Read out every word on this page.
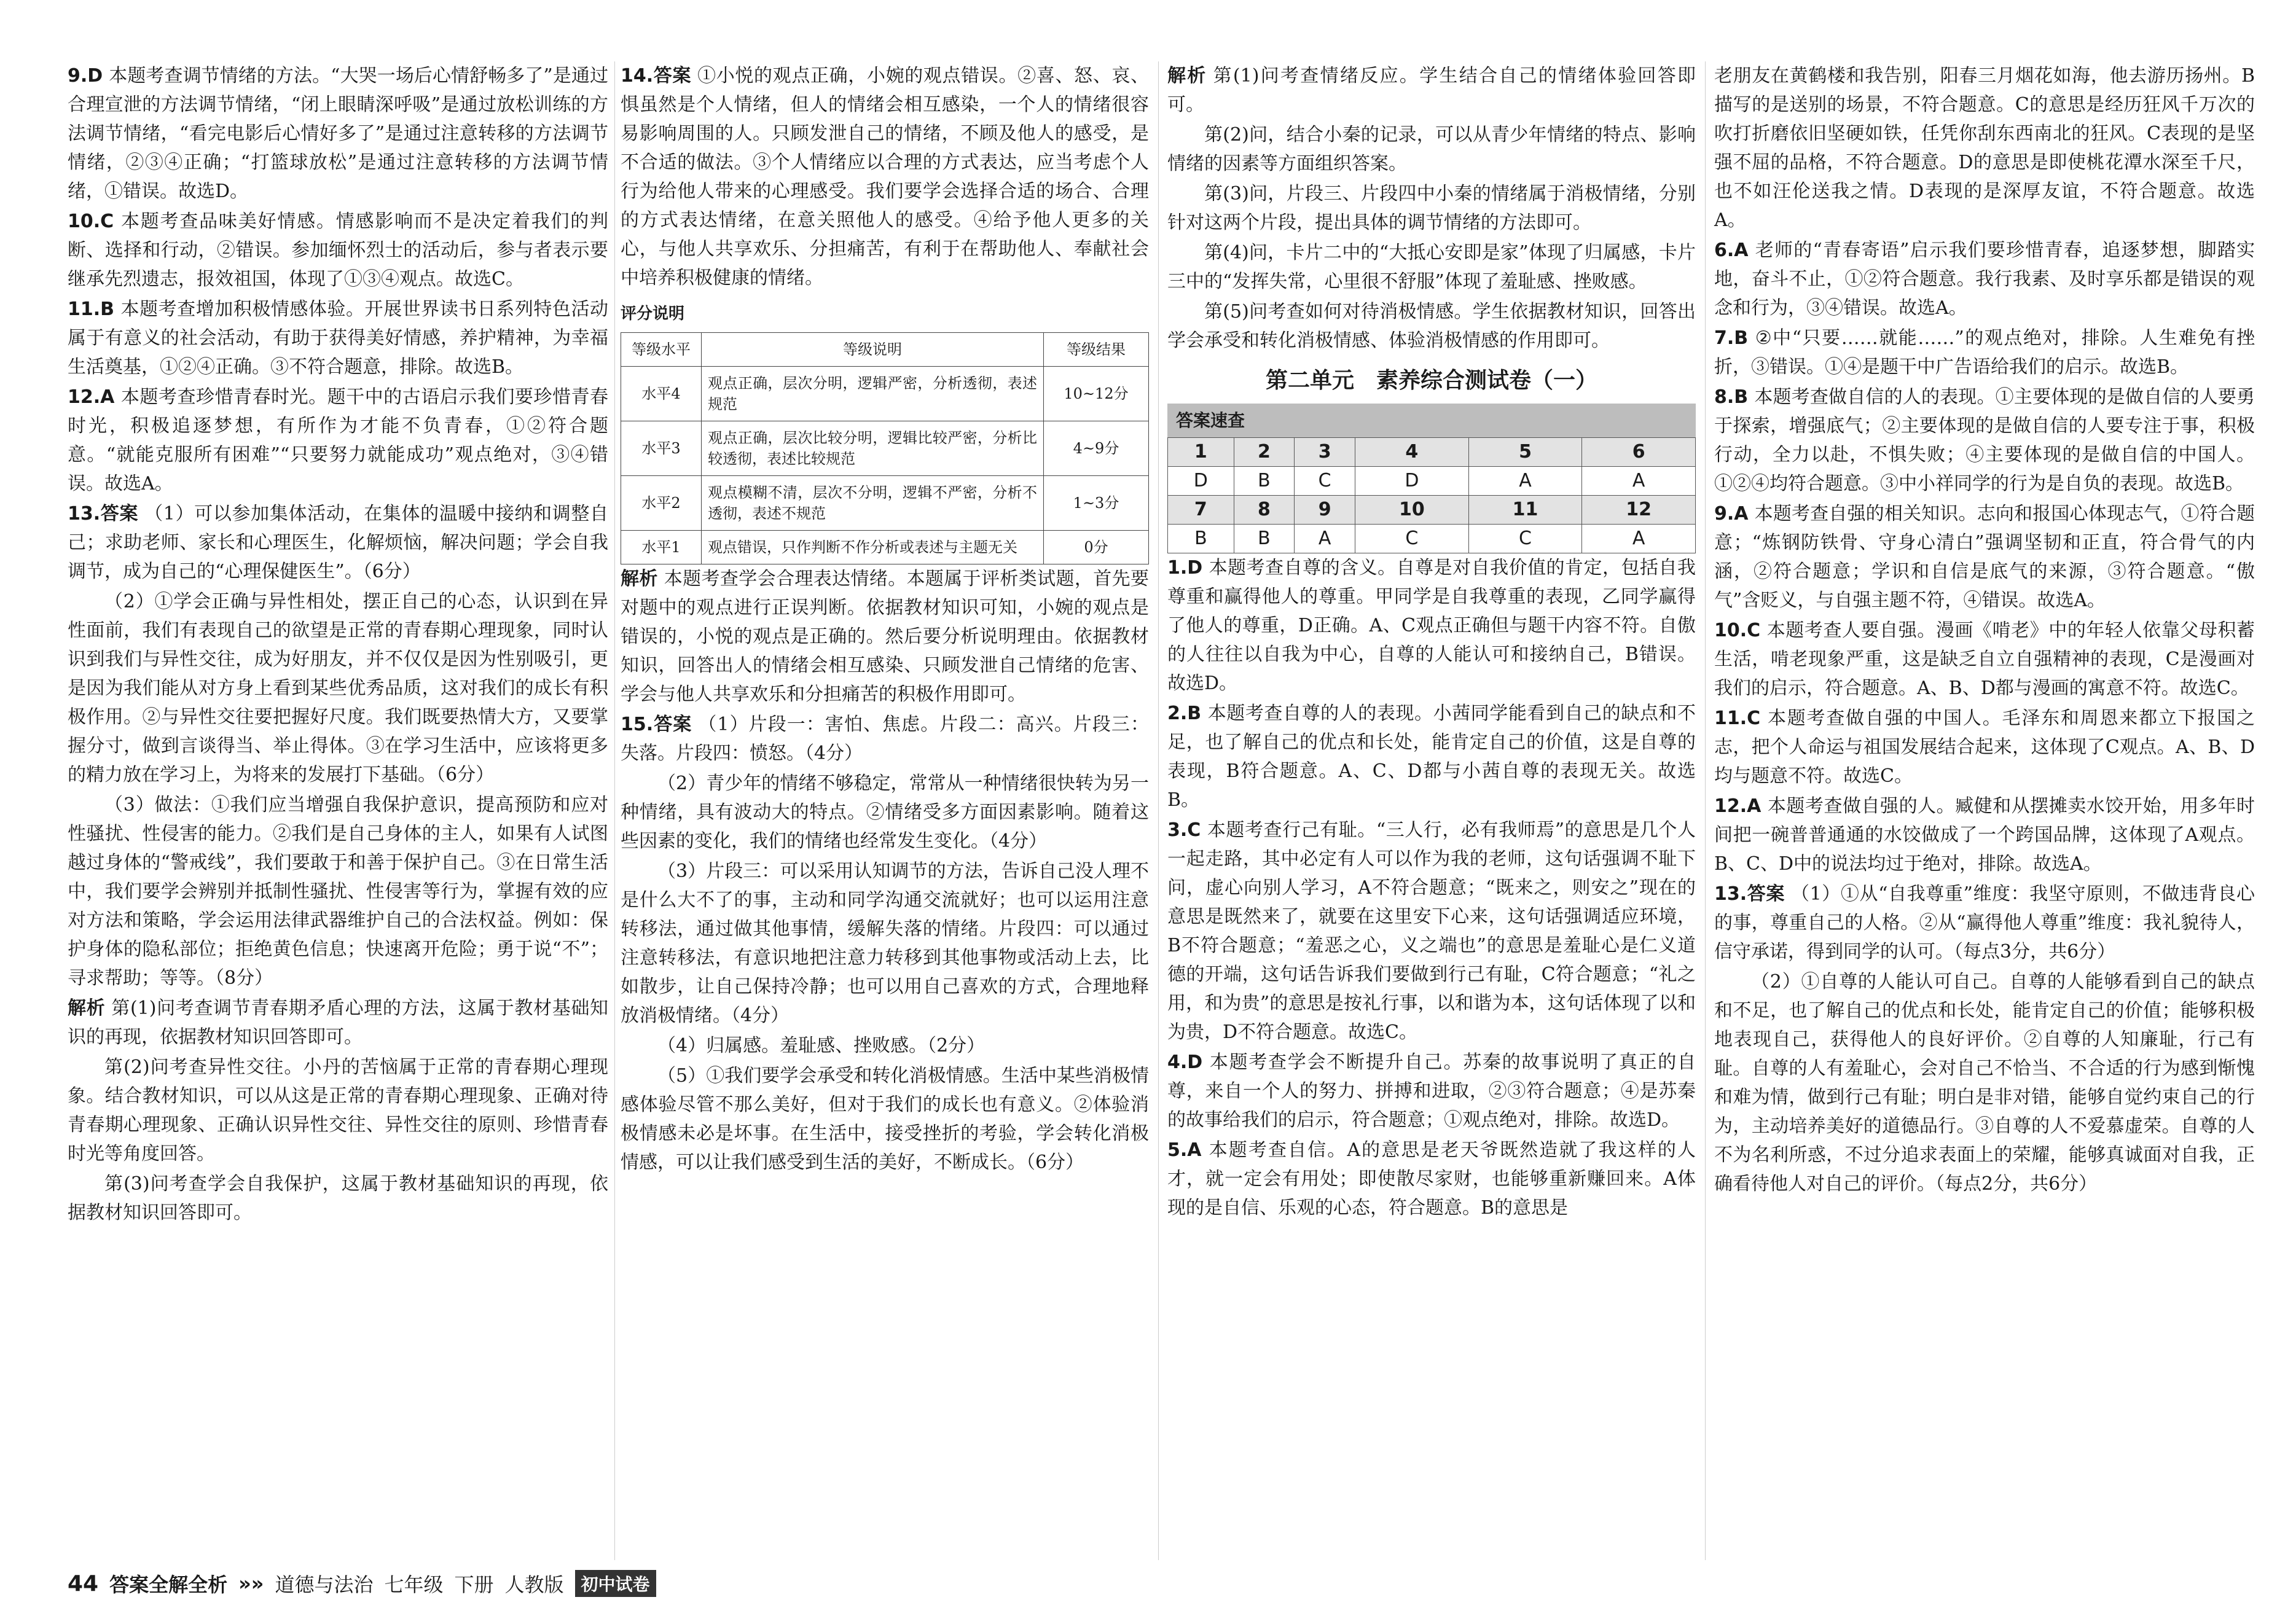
9.D 本题考查调节情绪的方法。“大哭一场后心情舒畅多了”是通过合理宣泄的方法调节情绪，“闭上眼睛深呼吸”是通过放松训练的方法调节情绪，“看完电影后心情好多了”是通过注意转移的方法调节情绪，②③④正确；“打篮球放松”是通过注意转移的方法调节情绪，①错误。故选D。

10.C 本题考查品味美好情感。情感影响而不是决定着我们的判断、选择和行动，②错误。参加缅怀烈士的活动后，参与者表示要继承先烈遗志，报效祖国，体现了①③④观点。故选C。

11.B 本题考查增加积极情感体验。开展世界读书日系列特色活动属于有意义的社会活动，有助于获得美好情感，养护精神，为幸福生活奠基，①②④正确。③不符合题意，排除。故选B。

12.A 本题考查珍惜青春时光。题干中的古语启示我们要珍惜青春时光，积极追逐梦想，有所作为才能不负青春，①②符合题意。“就能克服所有困难”“只要努力就能成功”观点绝对，③④错误。故选A。

13.答案 （1）可以参加集体活动，在集体的温暖中接纳和调整自己；求助老师、家长和心理医生，化解烦恼，解决问题；学会自我调节，成为自己的“心理保健医生”。（6分）

（2）①学会正确与异性相处，摆正自己的心态，认识到在异性面前，我们有表现自己的欲望是正常的青春期心理现象，同时认识到我们与异性交往，成为好朋友，并不仅仅是因为性别吸引，更是因为我们能从对方身上看到某些优秀品质，这对我们的成长有积极作用。②与异性交往要把握好尺度。我们既要热情大方，又要掌握分寸，做到言谈得当、举止得体。③在学习生活中，应该将更多的精力放在学习上，为将来的发展打下基础。（6分）

（3）做法：①我们应当增强自我保护意识，提高预防和应对性骚扰、性侵害的能力。②我们是自己身体的主人，如果有人试图越过身体的“警戒线”，我们要敢于和善于保护自己。③在日常生活中，我们要学会辨别并抵制性骚扰、性侵害等行为，掌握有效的应对方法和策略，学会运用法律武器维护自己的合法权益。例如：保护身体的隐私部位；拒绝黄色信息；快速离开危险；勇于说“不”；寻求帮助；等等。（8分）

解析 第(1)问考查调节青春期矛盾心理的方法，这属于教材基础知识的再现，依据教材知识回答即可。

第(2)问考查异性交往。小丹的苦恼属于正常的青春期心理现象。结合教材知识，可以从这是正常的青春期心理现象、正确对待青春期心理现象、正确认识异性交往、异性交往的原则、珍惜青春时光等角度回答。

第(3)问考查学会自我保护，这属于教材基础知识的再现，依据教材知识回答即可。

14.答案 ①小悦的观点正确，小婉的观点错误。②喜、怒、哀、惧虽然是个人情绪，但人的情绪会相互感染，一个人的情绪很容易影响周围的人。只顾发泄自己的情绪，不顾及他人的感受，是不合适的做法。③个人情绪应以合理的方式表达，应当考虑个人行为给他人带来的心理感受。我们要学会选择合适的场合、合理的方式表达情绪，在意关照他人的感受。④给予他人更多的关心，与他人共享欢乐、分担痛苦，有利于在帮助他人、奉献社会中培养积极健康的情绪。

评分说明
等级水平	等级说明	等级结果
水平4	观点正确，层次分明，逻辑严密，分析透彻，表述规范	10~12分
水平3	观点正确，层次比较分明，逻辑比较严密，分析比较透彻，表述比较规范	4~9分
水平2	观点模糊不清，层次不分明，逻辑不严密，分析不透彻，表述不规范	1~3分
水平1	观点错误，只作判断不作分析或表述与主题无关	0分

解析 本题考查学会合理表达情绪。本题属于评析类试题，首先要对题中的观点进行正误判断。依据教材知识可知，小婉的观点是错误的，小悦的观点是正确的。然后要分析说明理由。依据教材知识，回答出人的情绪会相互感染、只顾发泄自己情绪的危害、学会与他人共享欢乐和分担痛苦的积极作用即可。

15.答案 （1）片段一：害怕、焦虑。片段二：高兴。片段三：失落。片段四：愤怒。（4分）

（2）青少年的情绪不够稳定，常常从一种情绪很快转为另一种情绪，具有波动大的特点。②情绪受多方面因素影响。随着这些因素的变化，我们的情绪也经常发生变化。（4分）

（3）片段三：可以采用认知调节的方法，告诉自己没人理不是什么大不了的事，主动和同学沟通交流就好；也可以运用注意转移法，通过做其他事情，缓解失落的情绪。片段四：可以通过注意转移法，有意识地把注意力转移到其他事物或活动上去，比如散步，让自己保持冷静；也可以用自己喜欢的方式，合理地释放消极情绪。（4分）

（4）归属感。羞耻感、挫败感。（2分）

（5）①我们要学会承受和转化消极情感。生活中某些消极情感体验尽管不那么美好，但对于我们的成长也有意义。②体验消极情感未必是坏事。在生活中，接受挫折的考验，学会转化消极情感，可以让我们感受到生活的美好，不断成长。（6分）

解析 第(1)问考查情绪反应。学生结合自己的情绪体验回答即可。

第(2)问，结合小秦的记录，可以从青少年情绪的特点、影响情绪的因素等方面组织答案。

第(3)问，片段三、片段四中小秦的情绪属于消极情绪，分别针对这两个片段，提出具体的调节情绪的方法即可。

第(4)问，卡片二中的“大抵心安即是家”体现了归属感，卡片三中的“发挥失常，心里很不舒服”体现了羞耻感、挫败感。

第(5)问考查如何对待消极情感。学生依据教材知识，回答出学会承受和转化消极情感、体验消极情感的作用即可。

第二单元　素养综合测试卷（一）
答案速查
1	2	3	4	5	6
D	B	C	D	A	A
7	8	9	10	11	12
B	B	A	C	C	A

1.D 本题考查自尊的含义。自尊是对自我价值的肯定，包括自我尊重和赢得他人的尊重。甲同学是自我尊重的表现，乙同学赢得了他人的尊重，D正确。A、C观点正确但与题干内容不符。自傲的人往往以自我为中心，自尊的人能认可和接纳自己，B错误。故选D。

2.B 本题考查自尊的人的表现。小茜同学能看到自己的缺点和不足，也了解自己的优点和长处，能肯定自己的价值，这是自尊的表现，B符合题意。A、C、D都与小茜自尊的表现无关。故选B。

3.C 本题考查行己有耻。“三人行，必有我师焉”的意思是几个人一起走路，其中必定有人可以作为我的老师，这句话强调不耻下问，虚心向别人学习，A不符合题意；“既来之，则安之”现在的意思是既然来了，就要在这里安下心来，这句话强调适应环境，B不符合题意；“羞恶之心，义之端也”的意思是羞耻心是仁义道德的开端，这句话告诉我们要做到行己有耻，C符合题意；“礼之用，和为贵”的意思是按礼行事，以和谐为本，这句话体现了以和为贵，D不符合题意。故选C。

4.D 本题考查学会不断提升自己。苏秦的故事说明了真正的自尊，来自一个人的努力、拼搏和进取，②③符合题意；④是苏秦的故事给我们的启示，符合题意；①观点绝对，排除。故选D。

5.A 本题考查自信。A的意思是老天爷既然造就了我这样的人才，就一定会有用处；即使散尽家财，也能够重新赚回来。A体现的是自信、乐观的心态，符合题意。B的意思是

老朋友在黄鹤楼和我告别，阳春三月烟花如海，他去游历扬州。B描写的是送别的场景，不符合题意。C的意思是经历狂风千万次的吹打折磨依旧坚硬如铁，任凭你刮东西南北的狂风。C表现的是坚强不屈的品格，不符合题意。D的意思是即使桃花潭水深至千尺，也不如汪伦送我之情。D表现的是深厚友谊，不符合题意。故选A。

6.A 老师的“青春寄语”启示我们要珍惜青春，追逐梦想，脚踏实地，奋斗不止，①②符合题意。我行我素、及时享乐都是错误的观念和行为，③④错误。故选A。

7.B ②中“只要……就能……”的观点绝对，排除。人生难免有挫折，③错误。①④是题干中广告语给我们的启示。故选B。

8.B 本题考查做自信的人的表现。①主要体现的是做自信的人要勇于探索，增强底气；②主要体现的是做自信的人要专注于事，积极行动，全力以赴，不惧失败；④主要体现的是做自信的中国人。①②④均符合题意。③中小祥同学的行为是自负的表现。故选B。

9.A 本题考查自强的相关知识。志向和报国心体现志气，①符合题意；“炼钢防铁骨、守身心清白”强调坚韧和正直，符合骨气的内涵，②符合题意；学识和自信是底气的来源，③符合题意。“傲气”含贬义，与自强主题不符，④错误。故选A。

10.C 本题考查人要自强。漫画《啃老》中的年轻人依靠父母积蓄生活，啃老现象严重，这是缺乏自立自强精神的表现，C是漫画对我们的启示，符合题意。A、B、D都与漫画的寓意不符。故选C。

11.C 本题考查做自强的中国人。毛泽东和周恩来都立下报国之志，把个人命运与祖国发展结合起来，这体现了C观点。A、B、D均与题意不符。故选C。

12.A 本题考查做自强的人。臧健和从摆摊卖水饺开始，用多年时间把一碗普普通通的水饺做成了一个跨国品牌，这体现了A观点。B、C、D中的说法均过于绝对，排除。故选A。

13.答案 （1）①从“自我尊重”维度：我坚守原则，不做违背良心的事，尊重自己的人格。②从“赢得他人尊重”维度：我礼貌待人，信守承诺，得到同学的认可。（每点3分，共6分）

（2）①自尊的人能认可自己。自尊的人能够看到自己的缺点和不足，也了解自己的优点和长处，能肯定自己的价值；能够积极地表现自己，获得他人的良好评价。②自尊的人知廉耻，行己有耻。自尊的人有羞耻心，会对自己不恰当、不合适的行为感到惭愧和难为情，做到行己有耻；明白是非对错，能够自觉约束自己的行为，主动培养美好的道德品行。③自尊的人不爱慕虚荣。自尊的人不为名利所惑，不过分追求表面上的荣耀，能够真诚面对自我，正确看待他人对自己的评价。（每点2分，共6分）

44 答案全解全析 »» 道德与法治 七年级 下册 人教版	初中试卷
